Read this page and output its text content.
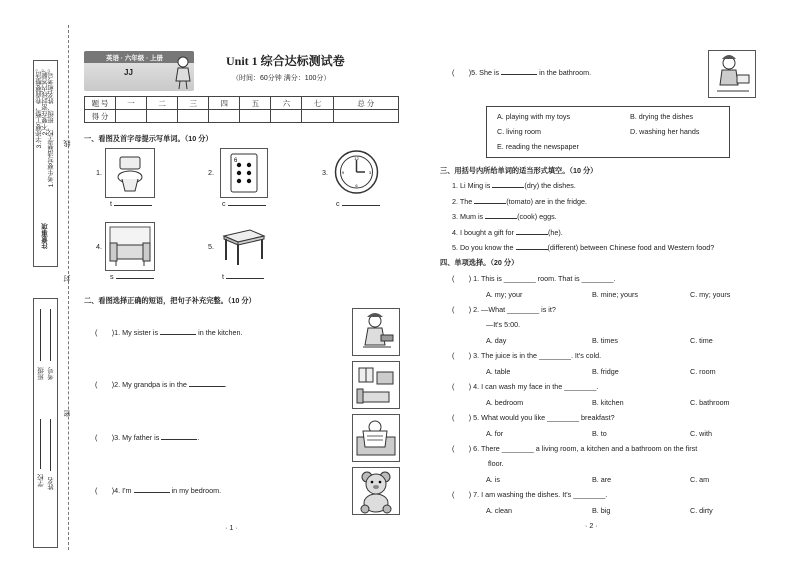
3.字迹要工整，卷面要整洁。 2.不要在密封线内答题。 1.考生要写清楚学校、班级、姓名和考号。
注意事项
线
封
密
学校 姓名
班级 考号
英语 · 六年级 · 上册
JJ
Unit 1 综合达标测试卷
（时间：60分钟 满分：100分）
题 号	一	二	三	四	五	六	七	总 分
得 分								
一、看图及首字母提示写单词。（10 分）
1.
t
2.
6
c
3.
12
3
6
9
c
4.
s
5.
t
二、看图选择正确的短语，把句子补充完整。（10 分）
(　　)1. My sister is	in the kitchen.
(　　)2. My grandpa is in the	.
(　　)3. My father is	.
(　　)4. I'm	in my bedroom.
· 1 ·
(　　)5. She is	in the bathroom.
A. playing with my toys	B. drying the dishes
C. living room	D. washing her hands
E. reading the newspaper
三、用括号内所给单词的适当形式填空。（10 分）
1. Li Ming is	(dry) the dishes.
2. The	(tomato) are in the fridge.
3. Mum is	(cook) eggs.
4. I bought a gift for	(he).
5. Do you know the	(different) between Chinese food and Western food?
四、单项选择。（20 分）
(　　) 1. This is ________ room. That is ________.
A. my; your	B. mine; yours	C. my; yours
(　　) 2. —What ________ is it?
—It's 5:00.
A. day	B. times	C. time
(　　) 3. The juice is in the ________. It's cold.
A. table	B. fridge	C. room
(　　) 4. I can wash my face in the ________.
A. bedroom	B. kitchen	C. bathroom
(　　) 5. What would you like ________ breakfast?
A. for	B. to	C. with
(　　) 6. There ________ a living room, a kitchen and a bathroom on the first
floor.
A. is	B. are	C. am
(　　) 7. I am washing the dishes. It's ________.
A. clean	B. big	C. dirty
· 2 ·
